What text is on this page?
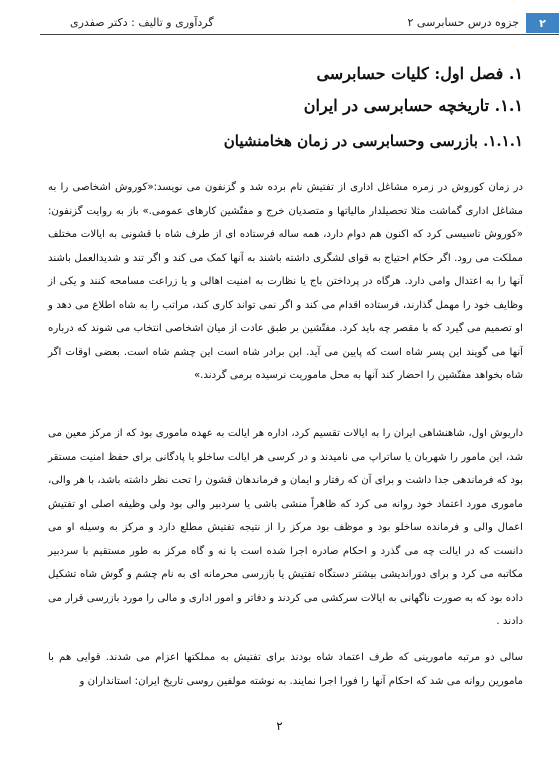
۲
جزوه درس حسابرسی ۲
گردآوری و تالیف : دکتر صفدری
۱. فصل اول: کلیات حسابرسی
۱.۱. تاریخچه حسابرسی در ایران
۱.۱.۱. بازرسی وحسابرسی در زمان هخامنشیان

در زمان کوروش در زمره مشاغل اداری از تفتیش نام برده شد و گزنفون می نویسد:«کوروش اشخاصی را به مشاغل اداری گماشت مثلا تحصیلدار مالیاتها و متصدیان خرج و مفتّشین کارهای عمومی.» باز به روایت گزنفون: «کوروش تاسیسی کرد که اکنون هم دوام دارد، همه ساله فرستاده ای از طرف شاه با قشونی به ایالات مختلف مملکت می رود. اگر حکام احتیاج به قوای لشگری داشته باشند به آنها کمک می کند و اگر تند و شدیدالعمل باشند آنها را به اعتدال وامی دارد. هرگاه در پرداختن باج یا نظارت به امنیت اهالی و یا زراعت مسامحه کنند و یکی از وظایف خود را مهمل گذارند، فرستاده اقدام می کند و اگر نمی تواند کاری کند، مراتب را به شاه اطلاع می دهد و او تصمیم می گیرد که با مقصر چه باید کرد. مفتّشین بر طبق عادت از میان اشخاصی انتخاب می شوند که درباره آنها می گویند این پسر شاه است که پایین می آید. این برادر شاه است این چشم شاه است. بعضی اوقات اگر شاه بخواهد مفتّشین را احضار کند آنها به محل ماموریت نرسیده برمی گردند.»

داریوش اول، شاهنشاهی ایران را به ایالات تقسیم کرد، اداره هر ایالت به عهده ماموری بود که از مرکز معین می شد، این مامور را شهربان یا ساتراپ می نامیدند و در کرسی هر ایالت ساخلو یا پادگانی برای حفظ امنیت مستقر بود که فرماندهی جدا داشت و برای آن که رفتار و ایمان و فرماندهان قشون را تحت نظر داشته باشد، با هر والی، ماموری مورد اعتماد خود روانه می کرد که ظاهراً منشی باشی یا سردبیر والی بود ولی وظیفه اصلی او تفتیش اعمال والی و فرمانده ساخلو بود و موظف بود مرکز را از نتیجه تفتیش مطلع دارد و مرکز به وسیله او می دانست که در ایالت چه می گذرد و احکام صادره اجرا شده است یا نه و گاه مرکز به طور مستقیم با سردبیر مکاتبه می کرد و برای دوراندیشی بیشتر دستگاه تفتیش یا بازرسی محرمانه ای به نام چشم و گوش شاه تشکیل داده بود که به صورت ناگهانی به ایالات سرکشی می کردند و دفاتر و امور اداری و مالی را مورد بازرسی قرار می دادند .

سالی دو مرتبه مامورینی که طرف اعتماد شاه بودند برای تفتیش به مملکتها اعزام می شدند. قوایی هم با مامورین روانه می شد که احکام آنها را فورا اجرا نمایند. به نوشته مولفین روسی تاریخ ایران: استانداران و

۲
